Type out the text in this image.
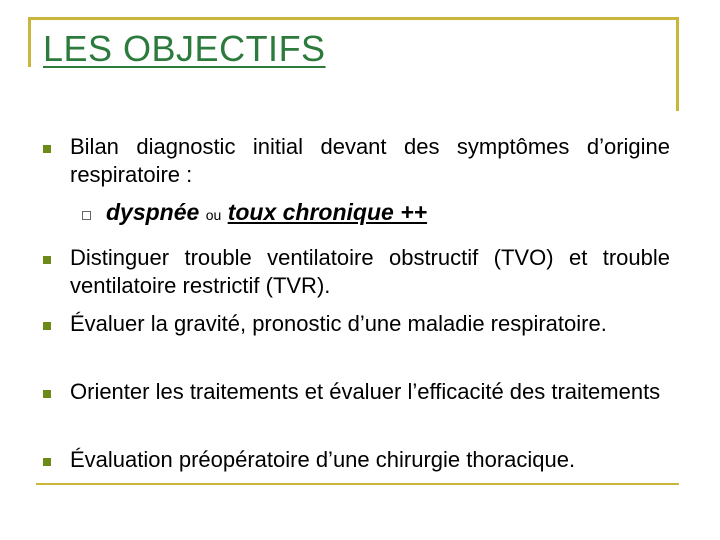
LES OBJECTIFS
Bilan diagnostic initial devant des symptômes d’origine respiratoire :
dyspnée ou toux chronique ++
Distinguer trouble ventilatoire obstructif (TVO) et trouble ventilatoire restrictif (TVR).
Évaluer la gravité, pronostic d’une maladie respiratoire.
Orienter les traitements et évaluer l’efficacité des traitements
Évaluation préopératoire d’une chirurgie thoracique.
